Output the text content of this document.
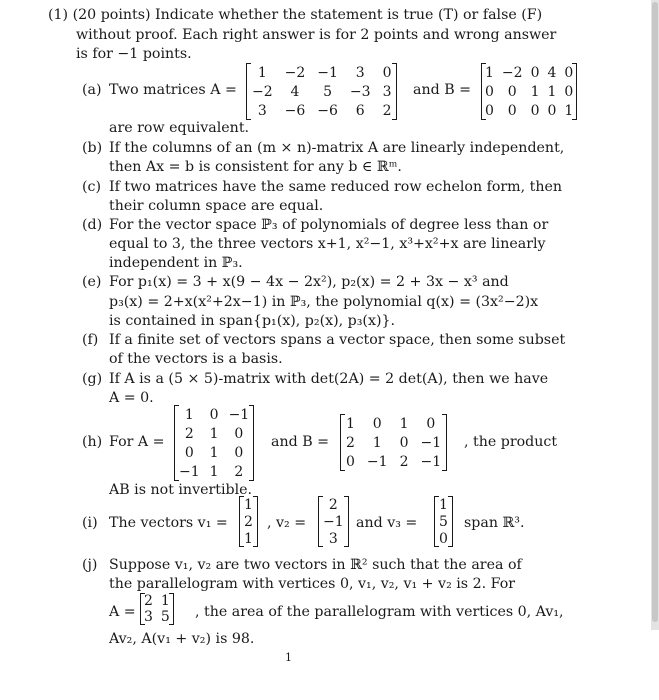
(1) (20 points) Indicate whether the statement is true (T) or false (F)
without proof. Each right answer is for 2 points and wrong answer
is for −1 points.
(a) Two matrices A =
1	−2	−1	3	0
−2	4	5	−3	3
3	−6	−6	6	2
and B =
1	−2	0	4	0
0	0	1	1	0
0	0	0	0	1
are row equivalent.
(b) If the columns of an (m × n)-matrix A are linearly independent,
then Ax = b is consistent for any b ∈ ℝᵐ.
(c) If two matrices have the same reduced row echelon form, then
their column space are equal.
(d) For the vector space ℙ₃ of polynomials of degree less than or
equal to 3, the three vectors x+1, x²−1, x³+x²+x are linearly
independent in ℙ₃.
(e) For p₁(x) = 3 + x(9 − 4x − 2x²), p₂(x) = 2 + 3x − x³ and
p₃(x) = 2+x(x²+2x−1) in ℙ₃, the polynomial q(x) = (3x²−2)x
is contained in span{p₁(x), p₂(x), p₃(x)}.
(f) If a finite set of vectors spans a vector space, then some subset
of the vectors is a basis.
(g) If A is a (5 × 5)-matrix with det(2A) = 2 det(A), then we have
A = 0.
(h) For A =
1	0	−1
2	1	0
0	1	0
−1	1	2
and B =
1	0	1	0
2	1	0	−1
0	−1	2	−1
, the product
AB is not invertible.
(i) The vectors v₁ =
1
2
1
, v₂ =
2
−1
3
and v₃ =
1
5
0
span ℝ³.
(j) Suppose v₁, v₂ are two vectors in ℝ² such that the area of
the parallelogram with vertices 0, v₁, v₂, v₁ + v₂ is 2. For
A =
2	1
3	5 , the area of the parallelogram with vertices 0, Av₁,
Av₂, A(v₁ + v₂) is 98.
1
